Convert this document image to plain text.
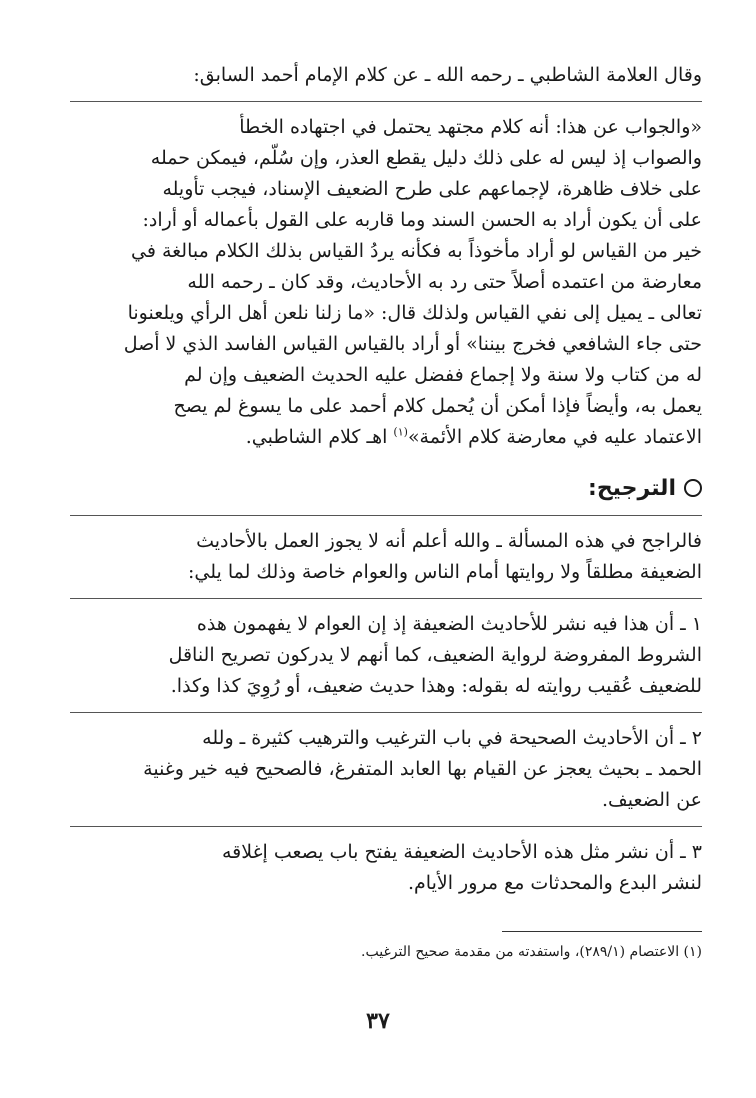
وقال العلامة الشاطبي ـ رحمه الله ـ عن كلام الإمام أحمد السابق:

«والجواب عن هذا: أنه كلام مجتهد يحتمل في اجتهاده الخطأ
والصواب إذ ليس له على ذلك دليل يقطع العذر، وإن سُلّم، فيمكن حمله
على خلاف ظاهرة، لإجماعهم على طرح الضعيف الإسناد، فيجب تأويله
على أن يكون أراد به الحسن السند وما قاربه على القول بأعماله أو أراد:
خير من القياس لو أراد مأخوذاً به فكأنه يردُ القياس بذلك الكلام مبالغة في
معارضة من اعتمده أصلاً حتى رد به الأحاديث، وقد كان ـ رحمه الله
تعالى ـ يميل إلى نفي القياس ولذلك قال: «ما زلنا نلعن أهل الرأي ويلعنونا
حتى جاء الشافعي فخرج بيننا» أو أراد بالقياس القياس الفاسد الذي لا أصل
له من كتاب ولا سنة ولا إجماع ففضل عليه الحديث الضعيف وإن لم
يعمل به، وأيضاً فإذا أمكن أن يُحمل كلام أحمد على ما يسوغ لم يصح
الاعتماد عليه في معارضة كلام الأئمة»$^{(١)}$ اهـ كلام الشاطبي.

الترجيح:

فالراجح في هذه المسألة ـ والله أعلم أنه لا يجوز العمل بالأحاديث
الضعيفة مطلقاً ولا روايتها أمام الناس والعوام خاصة وذلك لما يلي:

١ ـ أن هذا فيه نشر للأحاديث الضعيفة إذ إن العوام لا يفهمون هذه
الشروط المفروضة لرواية الضعيف، كما أنهم لا يدركون تصريح الناقل
للضعيف عُقيب روايته له بقوله: وهذا حديث ضعيف، أو رُوِيَ كذا وكذا.

٢ ـ أن الأحاديث الصحيحة في باب الترغيب والترهيب كثيرة ـ ولله
الحمد ـ بحيث يعجز عن القيام بها العابد المتفرغ، فالصحيح فيه خير وغنية
عن الضعيف.

٣ ـ أن نشر مثل هذه الأحاديث الضعيفة يفتح باب يصعب إغلاقه
لنشر البدع والمحدثات مع مرور الأيام.

(١) الاعتصام (٢٨٩/١)، واستفدته من مقدمة صحيح الترغيب.
٣٧
